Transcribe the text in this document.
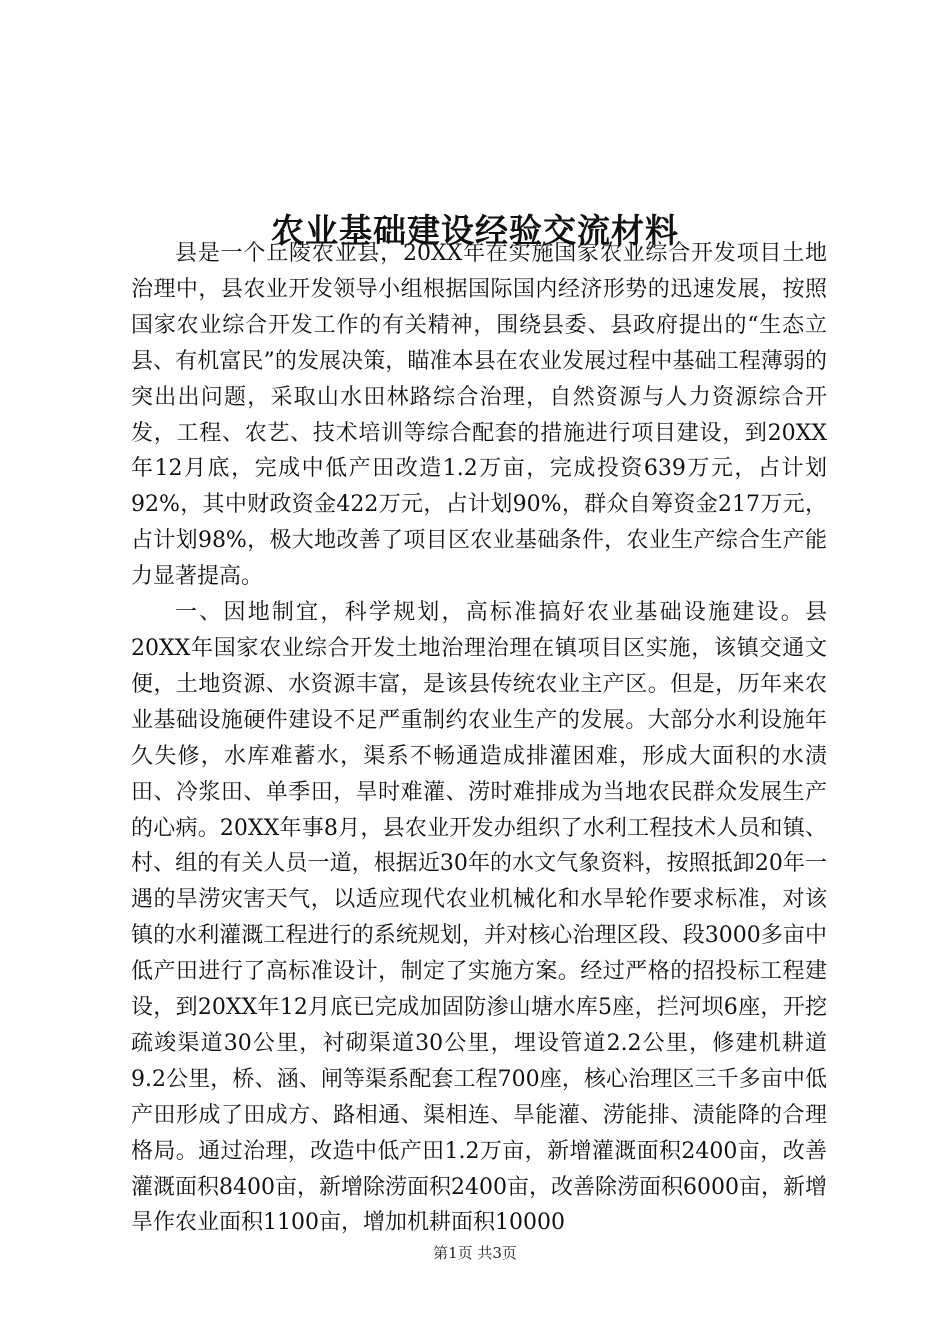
农业基础建设经验交流材料

县是一个丘陵农业县，20XX年在实施国家农业综合开发项目土地治理中，县农业开发领导小组根据国际国内经济形势的迅速发展，按照国家农业综合开发工作的有关精神，围绕县委、县政府提出的“生态立县、有机富民”的发展决策，瞄准本县在农业发展过程中基础工程薄弱的突出出问题，采取山水田林路综合治理，自然资源与人力资源综合开发，工程、农艺、技术培训等综合配套的措施进行项目建设，到20XX年12月底，完成中低产田改造1.2万亩，完成投资639万元，占计划92%，其中财政资金422万元，占计划90%，群众自筹资金217万元，占计划98%，极大地改善了项目区农业基础条件，农业生产综合生产能力显著提高。

一、因地制宜，科学规划，高标准搞好农业基础设施建设。县20XX年国家农业综合开发土地治理治理在镇项目区实施，该镇交通文便，土地资源、水资源丰富，是该县传统农业主产区。但是，历年来农业基础设施硬件建设不足严重制约农业生产的发展。大部分水利设施年久失修，水库难蓄水，渠系不畅通造成排灌困难，形成大面积的水渍田、冷浆田、单季田，旱时难灌、涝时难排成为当地农民群众发展生产的心病。20XX年事8月，县农业开发办组织了水利工程技术人员和镇、村、组的有关人员一道，根据近30年的水文气象资料，按照抵卸20年一遇的旱涝灾害天气，以适应现代农业机械化和水旱轮作要求标准，对该镇的水利灌溉工程进行的系统规划，并对核心治理区段、段3000多亩中低产田进行了高标准设计，制定了实施方案。经过严格的招投标工程建设，到20XX年12月底已完成加固防渗山塘水库5座，拦河坝6座，开挖疏竣渠道30公里，衬砌渠道30公里，埋设管道2.2公里，修建机耕道9.2公里，桥、涵、闸等渠系配套工程700座，核心治理区三千多亩中低产田形成了田成方、路相通、渠相连、旱能灌、涝能排、渍能降的合理格局。通过治理，改造中低产田1.2万亩，新增灌溉面积2400亩，改善灌溉面积8400亩，新增除涝面积2400亩，改善除涝面积6000亩，新增旱作农业面积1100亩，增加机耕面积10000

第1页 共3页
